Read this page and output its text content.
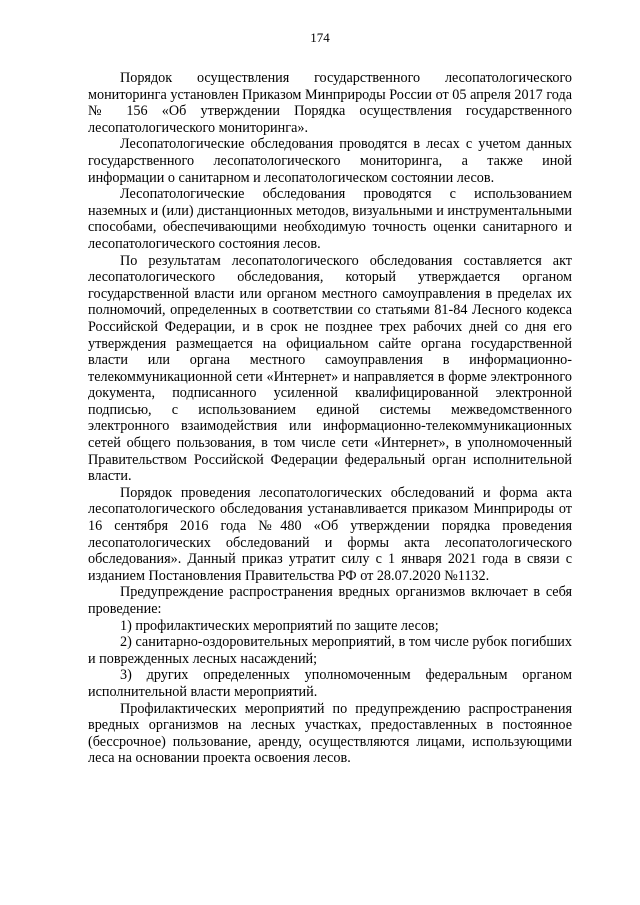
174

Порядок осуществления государственного лесопатологического мониторинга установлен Приказом Минприроды России от 05 апреля 2017 года № 156 «Об утверждении Порядка осуществления государственного лесопатологического мониторинга».

Лесопатологические обследования проводятся в лесах с учетом данных государственного лесопатологического мониторинга, а также иной информации о санитарном и лесопатологическом состоянии лесов.

Лесопатологические обследования проводятся с использованием наземных и (или) дистанционных методов, визуальными и инструментальными способами, обеспечивающими необходимую точность оценки санитарного и лесопатологического состояния лесов.

По результатам лесопатологического обследования составляется акт лесопатологического обследования, который утверждается органом государственной власти или органом местного самоуправления в пределах их полномочий, определенных в соответствии со статьями 81-84 Лесного кодекса Российской Федерации, и в срок не позднее трех рабочих дней со дня его утверждения размещается на официальном сайте органа государственной власти или органа местного самоуправления в информационно-телекоммуникационной сети «Интернет» и направляется в форме электронного документа, подписанного усиленной квалифицированной электронной подписью, с использованием единой системы межведомственного электронного взаимодействия или информационно-телекоммуникационных сетей общего пользования, в том числе сети «Интернет», в уполномоченный Правительством Российской Федерации федеральный орган исполнительной власти.

Порядок проведения лесопатологических обследований и форма акта лесопатологического обследования устанавливается приказом Минприроды от 16 сентября 2016 года №480 «Об утверждении порядка проведения лесопатологических обследований и формы акта лесопатологического обследования». Данный приказ утратит силу с 1 января 2021 года в связи с изданием Постановления Правительства РФ от 28.07.2020 №1132.

Предупреждение распространения вредных организмов включает в себя проведение:

1) профилактических мероприятий по защите лесов;

2) санитарно-оздоровительных мероприятий, в том числе рубок погибших и поврежденных лесных насаждений;

3) других определенных уполномоченным федеральным органом исполнительной власти мероприятий.

Профилактических мероприятий по предупреждению распространения вредных организмов на лесных участках, предоставленных в постоянное (бессрочное) пользование, аренду, осуществляются лицами, использующими леса на основании проекта освоения лесов.
